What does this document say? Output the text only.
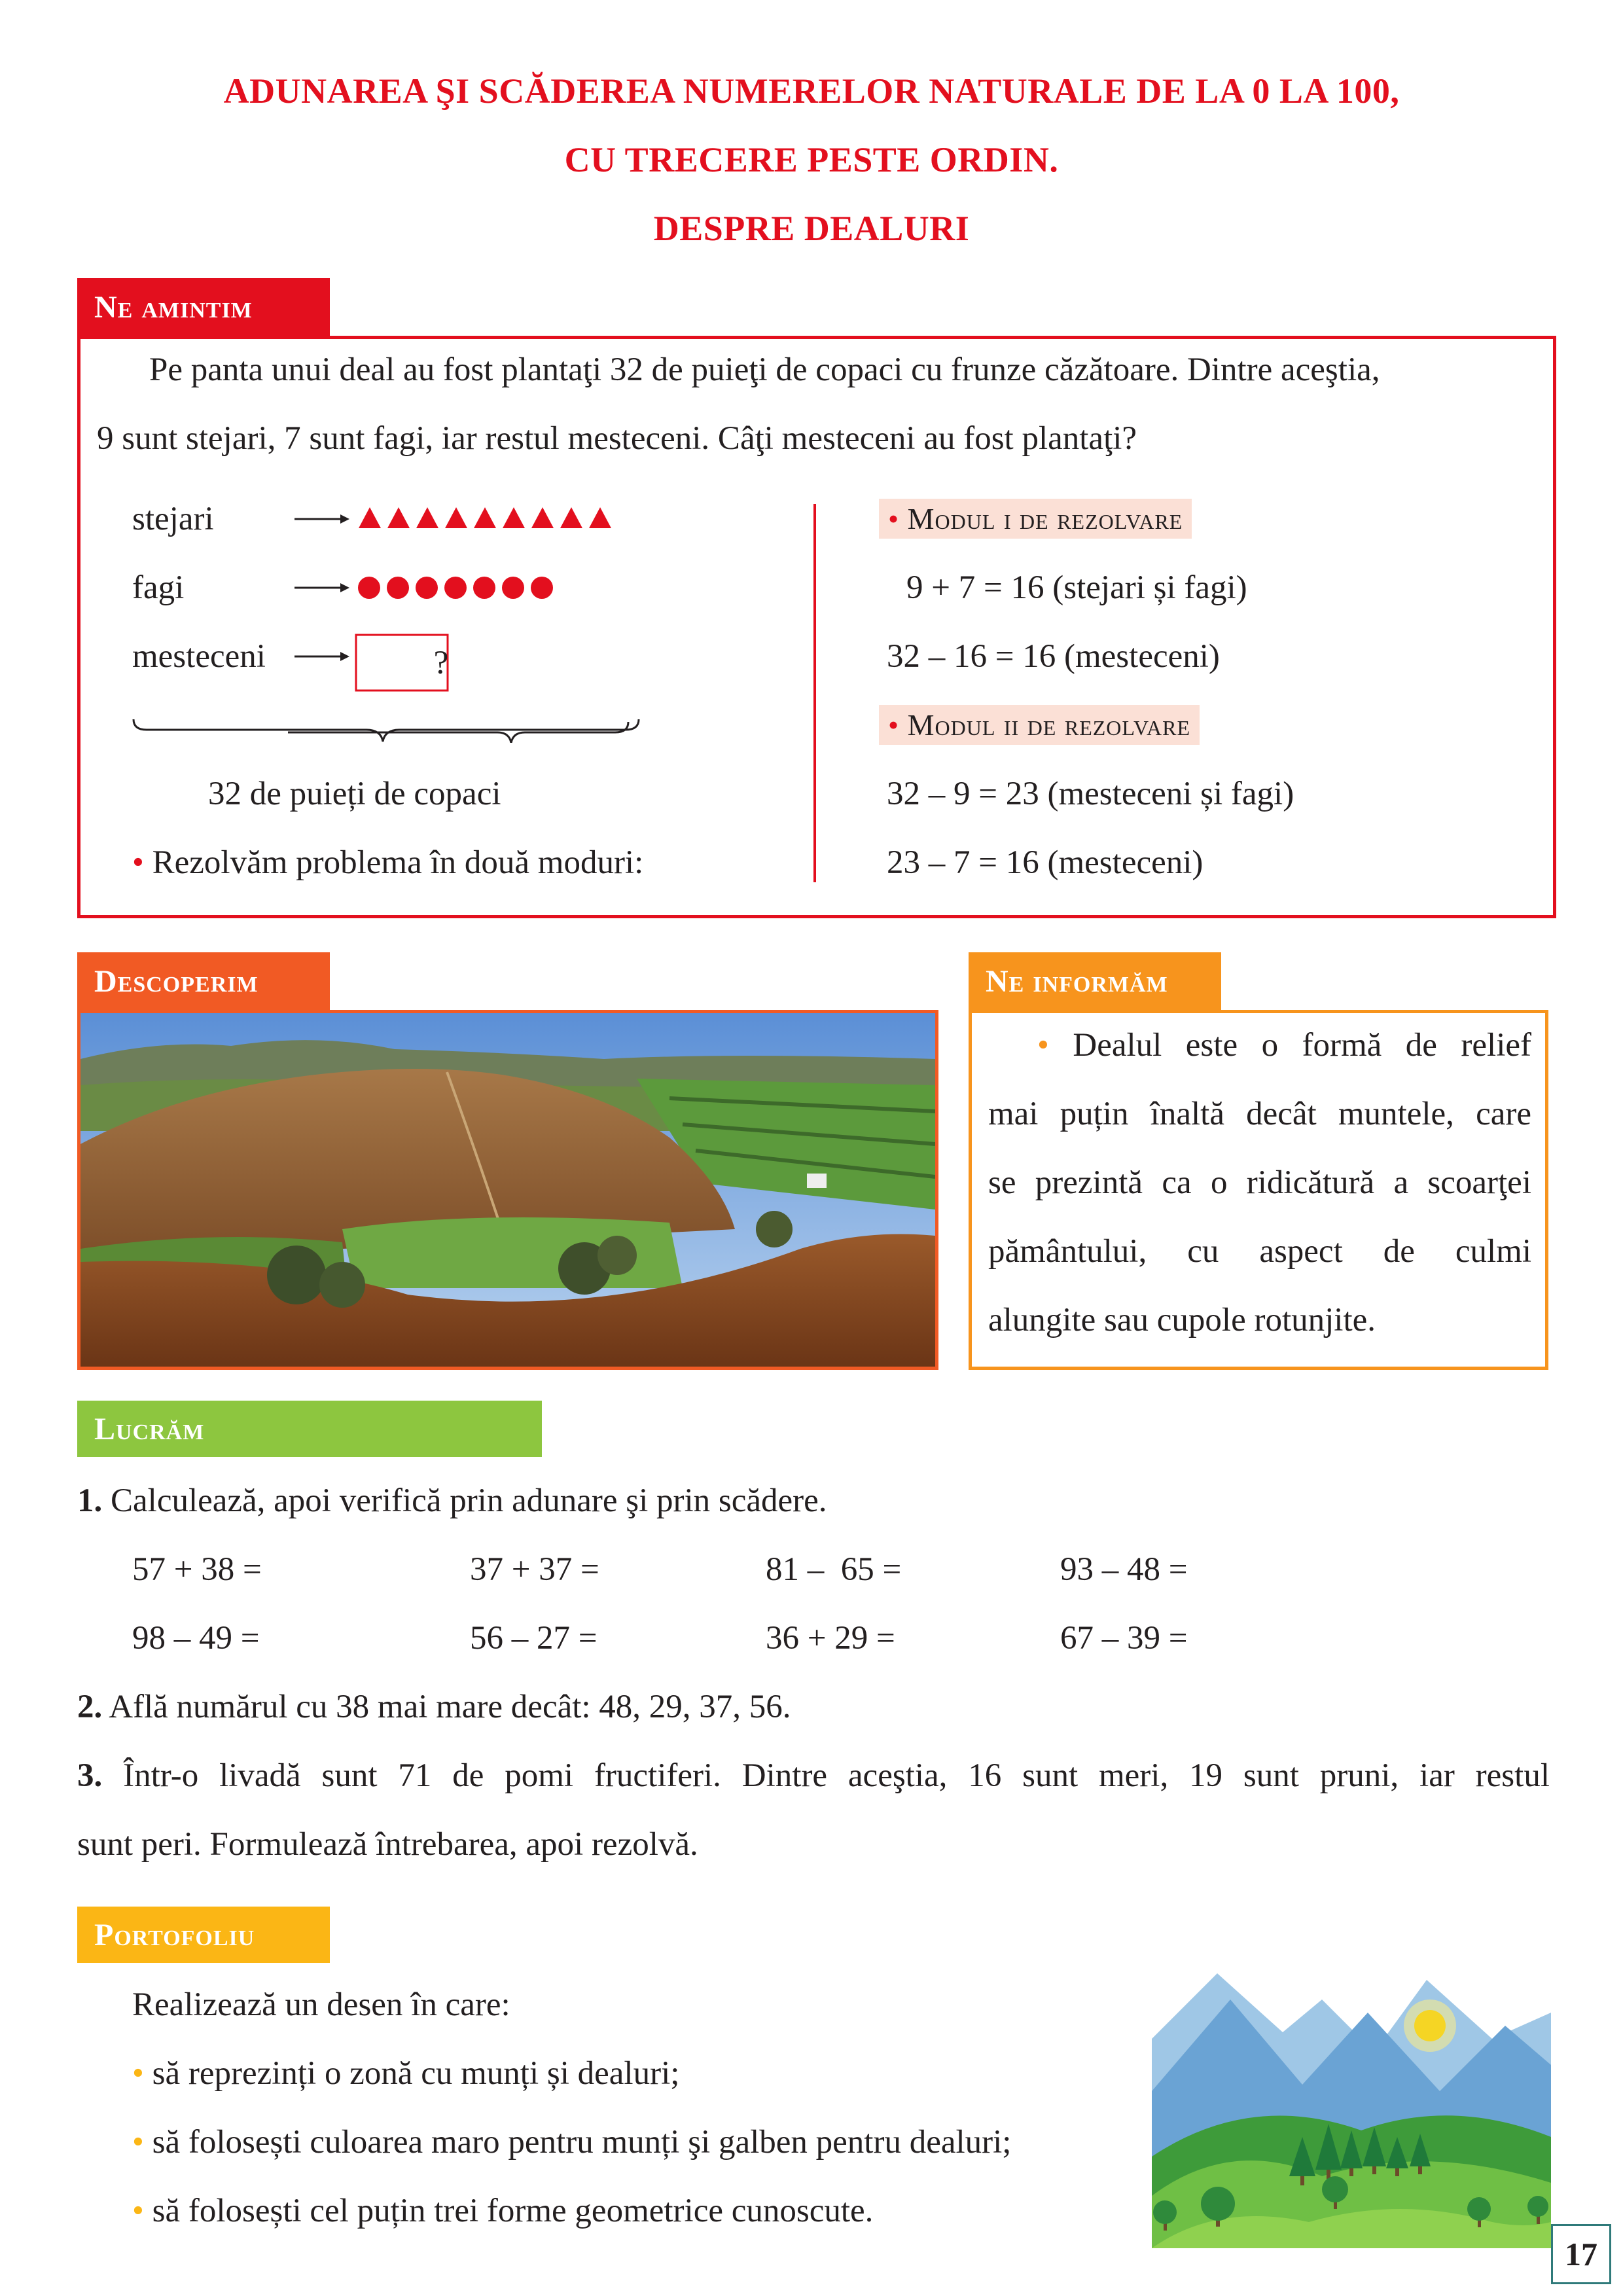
ADUNAREA ŞI SCĂDEREA NUMERELOR NATURALE DE LA 0 LA 100,
CU TRECERE PESTE ORDIN.
DESPRE DEALURI
Ne amintim
Pe panta unui deal au fost plantaţi 32 de puieţi de copaci cu frunze căzătoare. Dintre aceştia,
9 sunt stejari, 7 sunt fagi, iar restul mesteceni. Câţi mesteceni au fost plantaţi?
stejari
fagi
mesteceni	?
32 de puieți de copaci
• Rezolvăm problema în două moduri:
• Modul i de rezolvare
9 + 7 = 16 (stejari și fagi)
32 – 16 = 16 (mesteceni)
• Modul ii de rezolvare
32 – 9 = 23 (mesteceni și fagi)
23 – 7 = 16 (mesteceni)
Descoperim	Ne informăm
• Dealul este o formă de relief
mai puțin înaltă decât muntele, care
se prezintă ca o ridicătură a scoarţei
pământului, cu aspect de culmi
alungite sau cupole rotunjite.
Lucrăm
1. Calculează, apoi verifică prin adunare şi prin scădere.
57 + 38 =	37 + 37 =	81 –  65 =	93 – 48 =
98 – 49 =	56 – 27 =	36 + 29 =	67 – 39 =
2. Află numărul cu 38 mai mare decât: 48, 29, 37, 56.
3. Într-o livadă sunt 71 de pomi fructiferi. Dintre aceştia, 16 sunt meri, 19 sunt pruni, iar restul
sunt peri. Formulează întrebarea, apoi rezolvă.
Portofoliu
Realizează un desen în care:
• să reprezinți o zonă cu munți și dealuri;
• să folosești culoarea maro pentru munți şi galben pentru dealuri;
• să folosești cel puțin trei forme geometrice cunoscute.
17
